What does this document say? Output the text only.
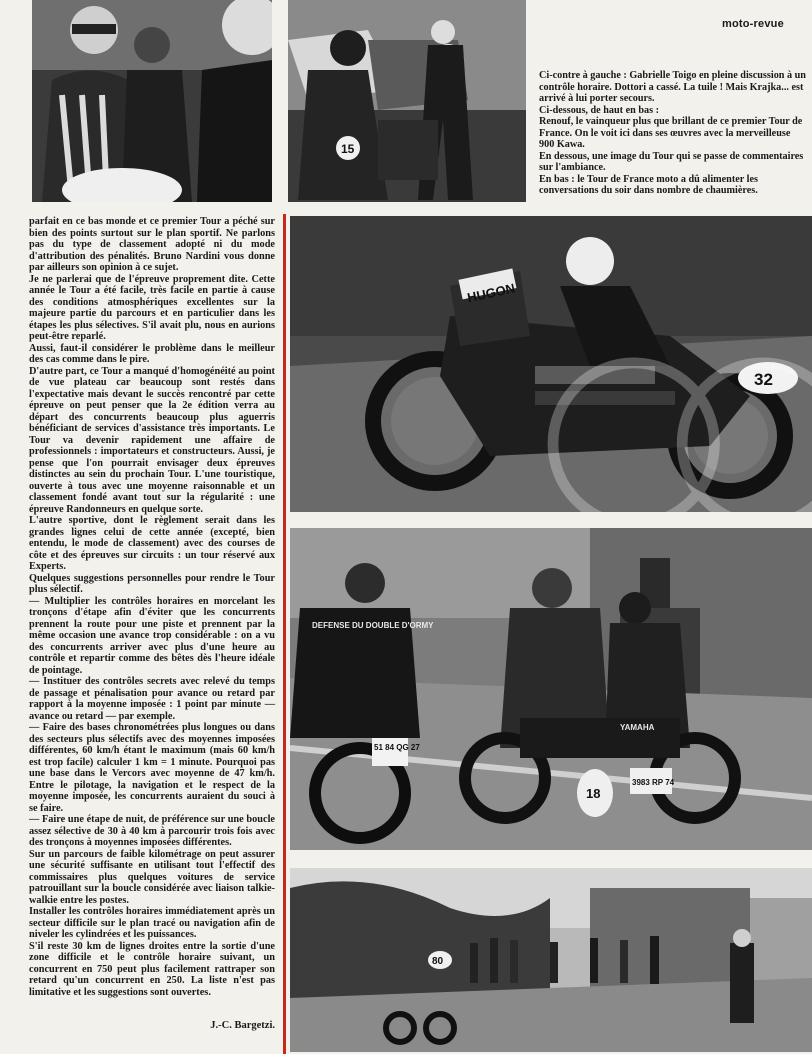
moto-revue
15

Ci-contre à gauche : Gabrielle Toigo en pleine discussion à un contrôle horaire. Dottori a cassé. La tuile ! Mais Krajka... est arrivé à lui porter secours.

Ci-dessous, de haut en bas :

Renouf, le vainqueur plus que brillant de ce premier Tour de France. On le voit ici dans ses œuvres avec la merveilleuse 900 Kawa.

En dessous, une image du Tour qui se passe de commentaires sur l'ambiance.

En bas : le Tour de France moto a dû alimenter les conversations du soir dans nombre de chaumières.

parfait en ce bas monde et ce premier Tour a péché sur bien des points surtout sur le plan sportif. Ne parlons pas du type de classement adopté ni du mode d'attribution des pénalités. Bruno Nardini vous donne par ailleurs son opinion à ce sujet.

Je ne parlerai que de l'épreuve proprement dite. Cette année le Tour a été facile, très facile en partie à cause des conditions atmosphériques excellentes sur la majeure partie du parcours et en particulier dans les étapes les plus sélectives. S'il avait plu, nous en aurions peut-être reparlé.

Aussi, faut-il considérer le problème dans le meilleur des cas comme dans le pire.

D'autre part, ce Tour a manqué d'homogénéité au point de vue plateau car beaucoup sont restés dans l'expectative mais devant le succès rencontré par cette épreuve on peut penser que la 2e édition verra au départ des concurrents beaucoup plus aguerris bénéficiant de services d'assistance très importants. Le Tour va devenir rapidement une affaire de professionnels : importateurs et constructeurs. Aussi, je pense que l'on pourrait envisager deux épreuves distinctes au sein du prochain Tour. L'une touristique, ouverte à tous avec une moyenne raisonnable et un classement fondé avant tout sur la régularité : une épreuve Randonneurs en quelque sorte.

L'autre sportive, dont le règlement serait dans les grandes lignes celui de cette année (excepté, bien entendu, le mode de classement) avec des courses de côte et des épreuves sur circuits : un tour réservé aux Experts.

Quelques suggestions personnelles pour rendre le Tour plus sélectif.

— Multiplier les contrôles horaires en morcelant les tronçons d'étape afin d'éviter que les concurrents prennent la route pour une piste et prennent par la même occasion une avance trop considérable : on a vu des concurrents arriver avec plus d'une heure au contrôle et repartir comme des bêtes dès l'heure idéale de pointage.

— Instituer des contrôles secrets avec relevé du temps de passage et pénalisation pour avance ou retard par rapport à la moyenne imposée : 1 point par minute — avance ou retard — par exemple.

— Faire des bases chronométrées plus longues ou dans des secteurs plus sélectifs avec des moyennes imposées différentes, 60 km/h étant le maximum (mais 60 km/h est trop facile) calculer 1 km = 1 minute. Pourquoi pas une base dans le Vercors avec moyenne de 47 km/h. Entre le pilotage, la navigation et le respect de la moyenne imposée, les concurrents auraient du souci à se faire.

— Faire une étape de nuit, de préférence sur une boucle assez sélective de 30 à 40 km à parcourir trois fois avec des tronçons à moyennes imposées différentes.

Sur un parcours de faible kilométrage on peut assurer une sécurité suffisante en utilisant tout l'effectif des commissaires plus quelques voitures de service patrouillant sur la boucle considérée avec liaison talkie-walkie entre les postes.

Installer les contrôles horaires immédiatement après un secteur difficile sur le plan tracé ou navigation afin de niveler les cylindrées et les puissances.

S'il reste 30 km de lignes droites entre la sortie d'une zone difficile et le contrôle horaire suivant, un concurrent en 750 peut plus facilement rattraper son retard qu'un concurrent en 250. La liste n'est pas limitative et les suggestions sont ouvertes.

J.-C. Bargetzi.
HUGON
32
DEFENSE DU DOUBLE D'ORMY
51 84 QG 27
YAMAHA
18
3983 RP 74
80
